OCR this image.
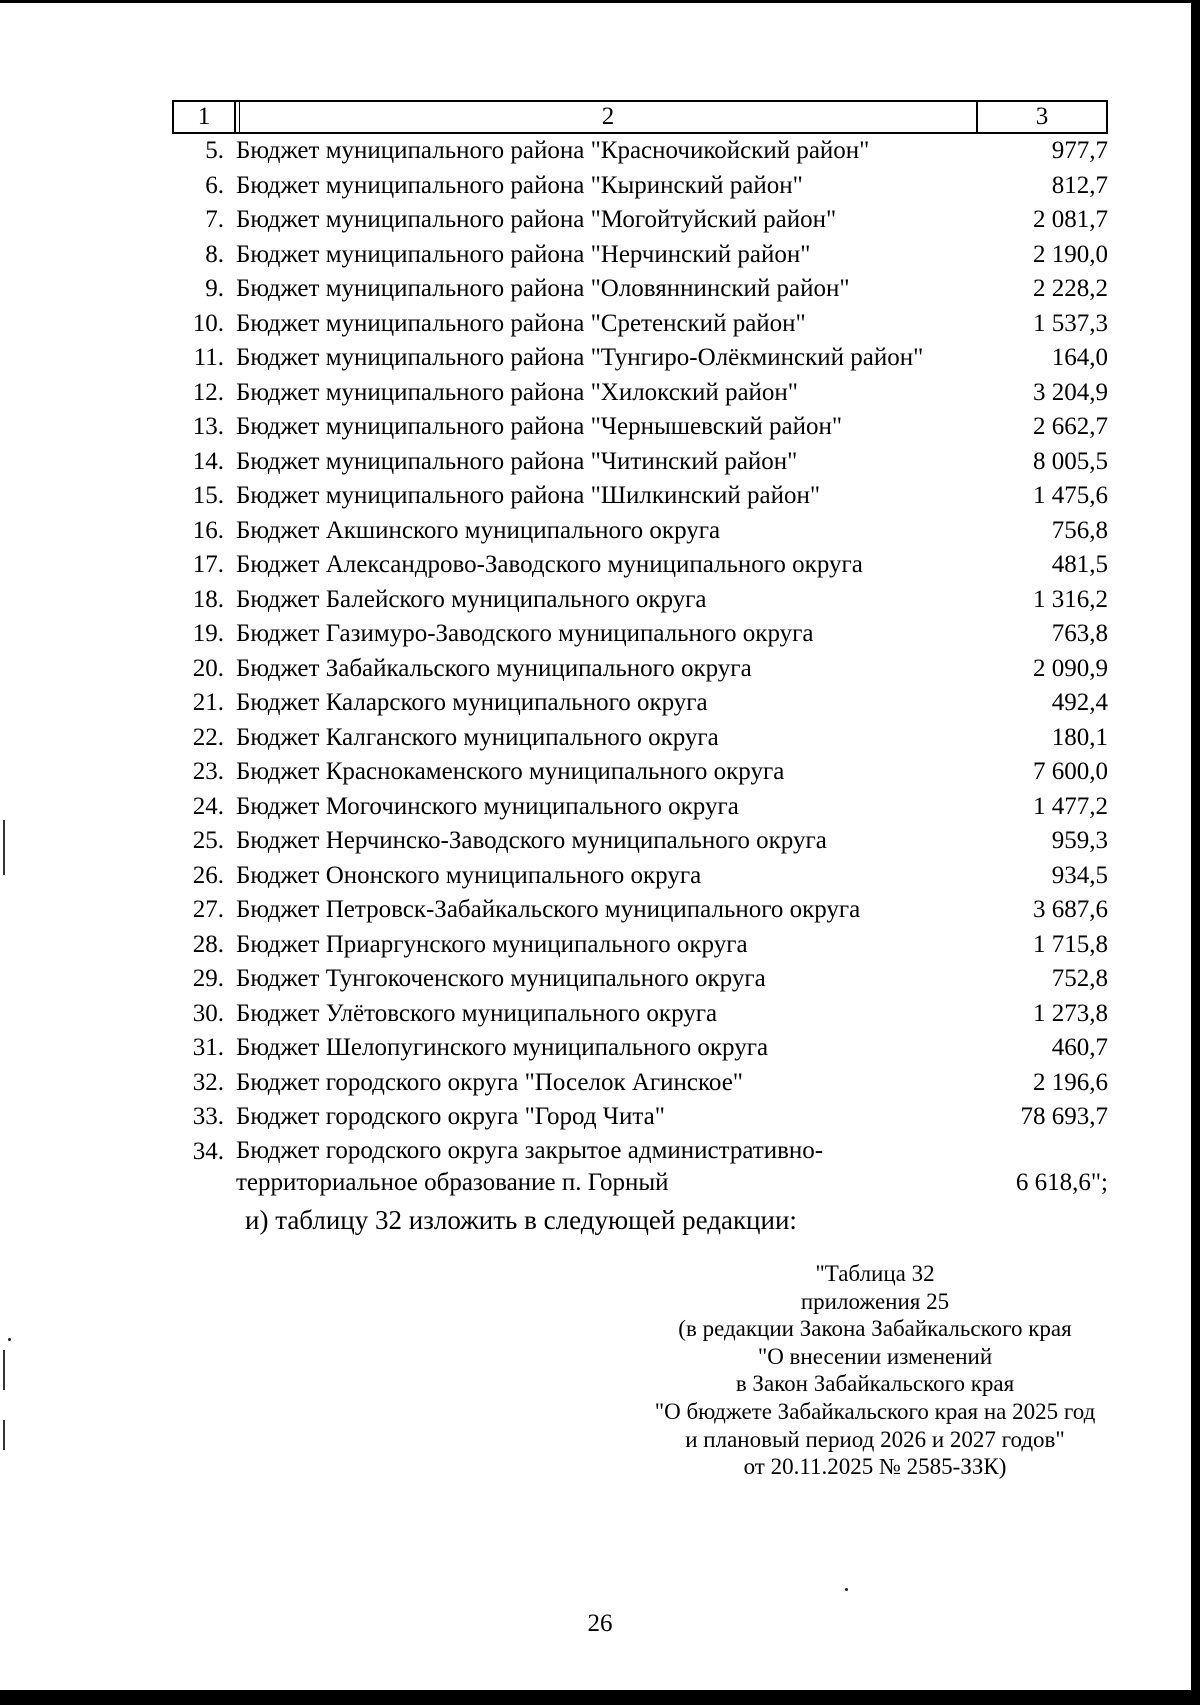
1	2	3
5. Бюджет муниципального района "Красночикойский район"	977,7
6. Бюджет муниципального района "Кыринский район"	812,7
7. Бюджет муниципального района "Могойтуйский район"	2 081,7
8. Бюджет муниципального района "Нерчинский район"	2 190,0
9. Бюджет муниципального района "Оловяннинский район"	2 228,2
10. Бюджет муниципального района "Сретенский район"	1 537,3
11. Бюджет муниципального района "Тунгиро-Олёкминский район"	164,0
12. Бюджет муниципального района "Хилокский район"	3 204,9
13. Бюджет муниципального района "Чернышевский район"	2 662,7
14. Бюджет муниципального района "Читинский район"	8 005,5
15. Бюджет муниципального района "Шилкинский район"	1 475,6
16. Бюджет Акшинского муниципального округа	756,8
17. Бюджет Александрово-Заводского муниципального округа	481,5
18. Бюджет Балейского муниципального округа	1 316,2
19. Бюджет Газимуро-Заводского муниципального округа	763,8
20. Бюджет Забайкальского муниципального округа	2 090,9
21. Бюджет Каларского муниципального округа	492,4
22. Бюджет Калганского муниципального округа	180,1
23. Бюджет Краснокаменского муниципального округа	7 600,0
24. Бюджет Могочинского муниципального округа	1 477,2
25. Бюджет Нерчинско-Заводского муниципального округа	959,3
26. Бюджет Ононского муниципального округа	934,5
27. Бюджет Петровск-Забайкальского муниципального округа	3 687,6
28. Бюджет Приаргунского муниципального округа	1 715,8
29. Бюджет Тунгокоченского муниципального округа	752,8
30. Бюджет Улётовского муниципального округа	1 273,8
31. Бюджет Шелопугинского муниципального округа	460,7
32. Бюджет городского округа "Поселок Агинское"	2 196,6
33. Бюджет городского округа "Город Чита"	78 693,7
34. Бюджет городского округа закрытое административно-
территориальное образование п. Горный	6 618,6 ";
и) таблицу 32 изложить в следующей редакции:
"Таблица 32
приложения 25
(в редакции Закона Забайкальского края
"О внесении изменений
в Закон Забайкальского края
"О бюджете Забайкальского края на 2025 год
и плановый период 2026 и 2027 годов"
от 20.11.2025 № 2585-ЗЗК)
26
